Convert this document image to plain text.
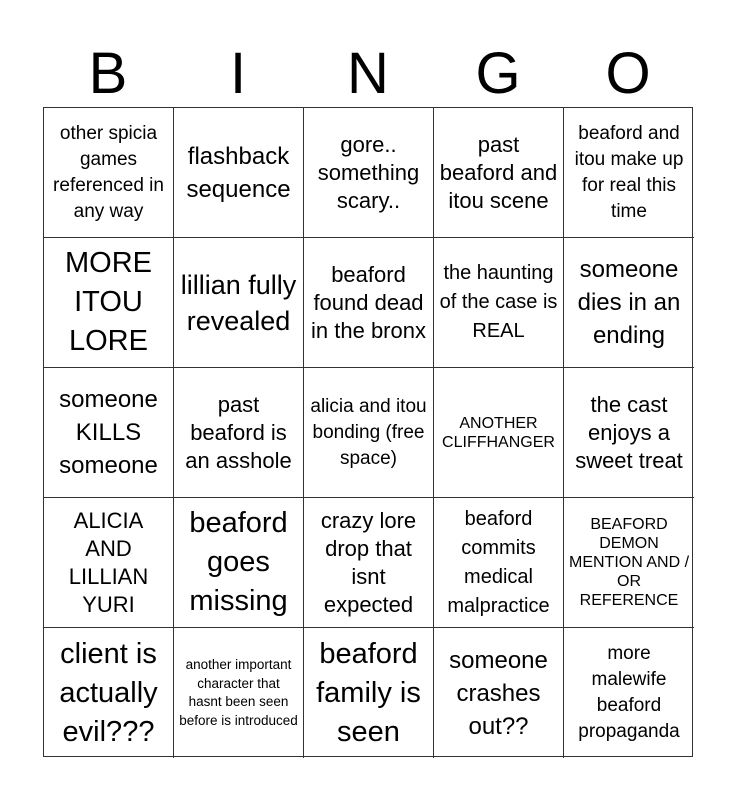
B	I	N	G	O
other spicia games referenced in any way
flashback sequence
gore.. something scary..
past beaford and itou scene
beaford and itou make up for real this time
MORE ITOU LORE
lillian fully revealed
beaford found dead in the bronx
the haunting of the case is REAL
someone dies in an ending
someone KILLS someone
past beaford is an asshole
alicia and itou bonding (free space)
ANOTHER CLIFFHANGER
the cast enjoys a sweet treat
ALICIA AND LILLIAN YURI
beaford goes missing
crazy lore drop that isnt expected
beaford commits medical malpractice
BEAFORD DEMON MENTION AND / OR REFERENCE
client is actually evil???
another important character that hasnt been seen before is introduced
beaford family is seen
someone crashes out??
more malewife beaford propaganda
